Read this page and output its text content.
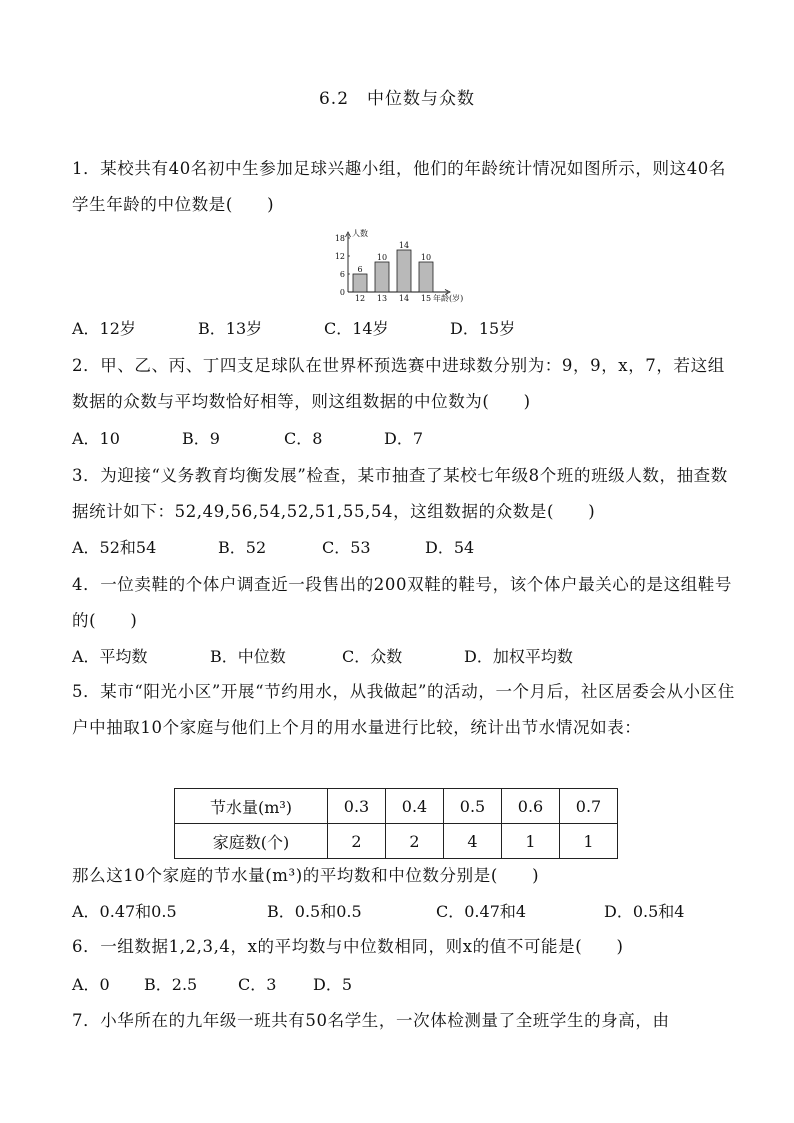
6.2　中位数与众数
1．某校共有40名初中生参加足球兴趣小组，他们的年龄统计情况如图所示，则这40名学生年龄的中位数是(　　)
0
6
12
18
人数
6
12
10
13
14
14
10
15 年龄(岁)
A．12岁	B．13岁	C．14岁	D．15岁
2．甲、乙、丙、丁四支足球队在世界杯预选赛中进球数分别为：9，9，x，7，若这组数据的众数与平均数恰好相等，则这组数据的中位数为(　　)
A．10	B．9	C．8	D．7
3．为迎接“义务教育均衡发展”检查，某市抽查了某校七年级8个班的班级人数，抽查数据统计如下：52,49,56,54,52,51,55,54，这组数据的众数是(　　)
A．52和54	B．52	C．53	D．54
4．一位卖鞋的个体户调查近一段售出的200双鞋的鞋号，该个体户最关心的是这组鞋号的(　　)
A．平均数	B．中位数	C．众数	D．加权平均数
5．某市“阳光小区”开展“节约用水，从我做起”的活动，一个月后，社区居委会从小区住户中抽取10个家庭与他们上个月的用水量进行比较，统计出节水情况如表：
节水量(m³)	0.3	0.4	0.5	0.6	0.7
家庭数(个)	2	2	4	1	1
那么这10个家庭的节水量(m³)的平均数和中位数分别是(　　)
A．0.47和0.5	B．0.5和0.5	C．0.47和4	D．0.5和4
6．一组数据1,2,3,4，x的平均数与中位数相同，则x的值不可能是(　　)
A．0 B．2.5	C．3 D．5
7．小华所在的九年级一班共有50名学生，一次体检测量了全班学生的身高，由
